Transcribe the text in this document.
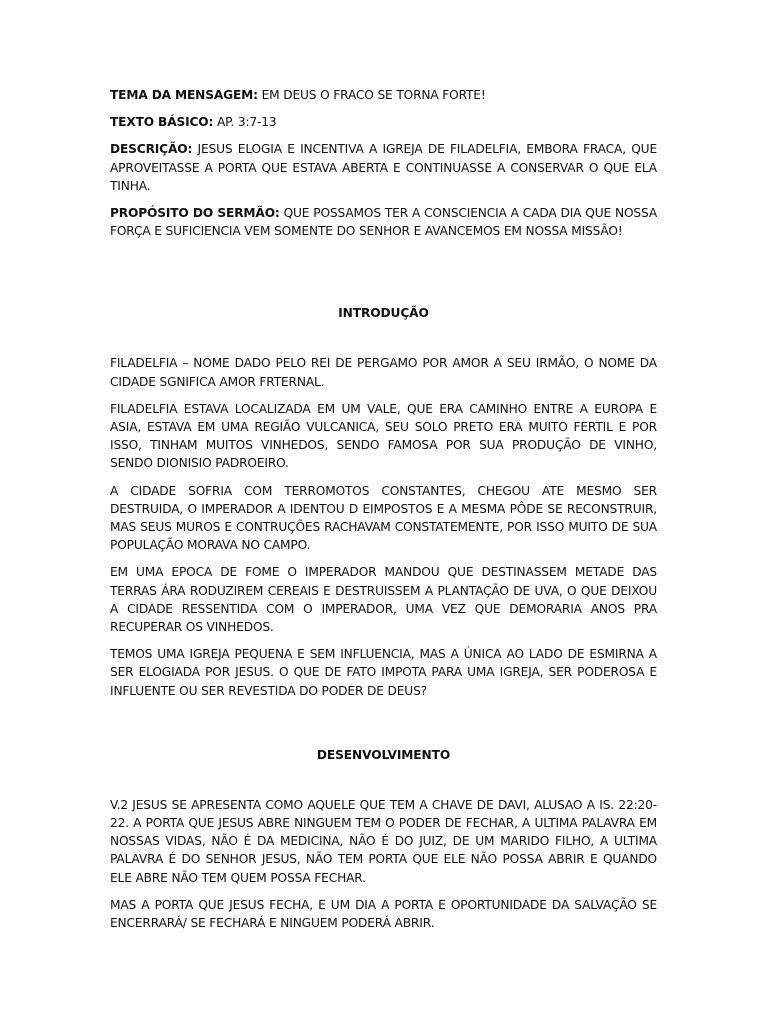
TEMA DA MENSAGEM: EM DEUS O FRACO SE TORNA FORTE!

TEXTO BÁSICO: AP. 3:7-13

DESCRIÇÃO: JESUS ELOGIA E INCENTIVA A IGREJA DE FILADELFIA, EMBORA FRACA, QUE APROVEITASSE A PORTA QUE ESTAVA ABERTA E CONTINUASSE A CONSERVAR O QUE ELA TINHA.

PROPÓSITO DO SERMÃO: QUE POSSAMOS TER A CONSCIENCIA A CADA DIA QUE NOSSA FORÇA E SUFICIENCIA VEM SOMENTE DO SENHOR E AVANCEMOS EM NOSSA MISSÃO!

INTRODUÇÃO

FILADELFIA – NOME DADO PELO REI DE PERGAMO POR AMOR A SEU IRMÃO, O NOME DA CIDADE SGNIFICA AMOR FRTERNAL.

FILADELFIA ESTAVA LOCALIZADA EM UM VALE, QUE ERA CAMINHO ENTRE A EUROPA E ASIA, ESTAVA EM UMA REGIÃO VULCANICA, SEU SOLO PRETO ERA MUITO FERTIL E POR ISSO, TINHAM MUITOS VINHEDOS, SENDO FAMOSA POR SUA PRODUÇÃO DE VINHO, SENDO DIONISIO PADROEIRO.

A CIDADE SOFRIA COM TERROMOTOS CONSTANTES, CHEGOU ATE MESMO SER DESTRUIDA, O IMPERADOR A IDENTOU D EIMPOSTOS E A MESMA PÔDE SE RECONSTRUIR, MAS SEUS MUROS E CONTRUÇÕES RACHAVAM CONSTATEMENTE, POR ISSO MUITO DE SUA POPULAÇÃO MORAVA NO CAMPO.

EM UMA EPOCA DE FOME O IMPERADOR MANDOU QUE DESTINASSEM METADE DAS TERRAS ÁRA RODUZIREM CEREAIS E DESTRUISSEM A PLANTAÇÃO DE UVA, O QUE DEIXOU A CIDADE RESSENTIDA COM O IMPERADOR, UMA VEZ QUE DEMORARIA ANOS PRA RECUPERAR OS VINHEDOS.

TEMOS UMA IGREJA PEQUENA E SEM INFLUENCIA, MAS A ÚNICA AO LADO DE ESMIRNA A SER ELOGIADA POR JESUS. O QUE DE FATO IMPOTA PARA UMA IGREJA, SER PODEROSA E INFLUENTE OU SER REVESTIDA DO PODER DE DEUS?

DESENVOLVIMENTO

V.2 JESUS SE APRESENTA COMO AQUELE QUE TEM A CHAVE DE DAVI, ALUSAO A IS. 22:20-22. A PORTA QUE JESUS ABRE NINGUEM TEM O PODER DE FECHAR, A ULTIMA PALAVRA EM NOSSAS VIDAS, NÃO É DA MEDICINA, NÃO É DO JUIZ, DE UM MARIDO FILHO, A ULTIMA PALAVRA É DO SENHOR JESUS, NÃO TEM PORTA QUE ELE NÃO POSSA ABRIR E QUANDO ELE ABRE NÃO TEM QUEM POSSA FECHAR.

MAS A PORTA QUE JESUS FECHA, E UM DIA A PORTA E OPORTUNIDADE DA SALVAÇÃO SE ENCERRARÁ/ SE FECHARÁ E NINGUEM PODERÁ ABRIR.
